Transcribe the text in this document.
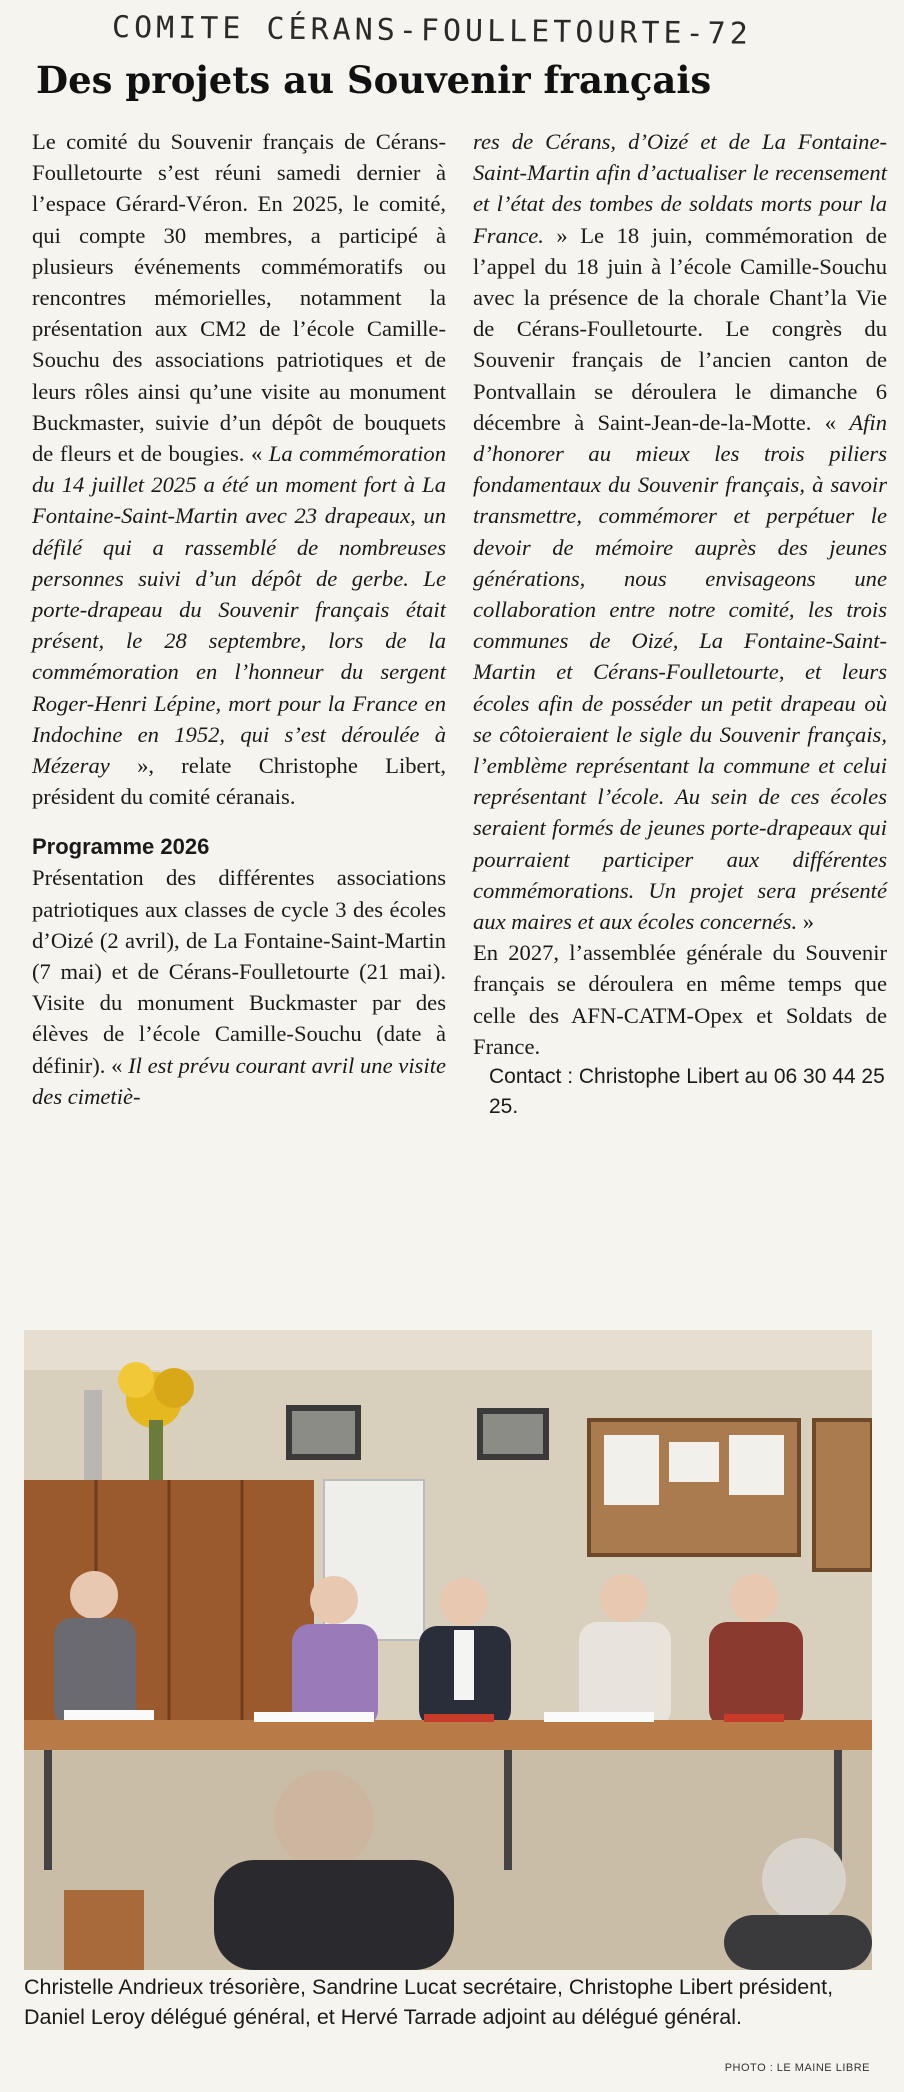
COMITE CÉRANS-FOULLETOURTE-72
Des projets au Souvenir français

Le comité du Souvenir français de Cérans-Foulletourte s’est réuni samedi dernier à l’espace Gérard-Véron. En 2025, le comité, qui compte 30 membres, a participé à plusieurs événements commémoratifs ou rencontres mémorielles, notamment la présentation aux CM2 de l’école Camille-Souchu des associations patriotiques et de leurs rôles ainsi qu’une visite au monument Buckmaster, suivie d’un dépôt de bouquets de fleurs et de bougies. « La commémoration du 14 juillet 2025 a été un moment fort à La Fontaine-Saint-Martin avec 23 drapeaux, un défilé qui a rassemblé de nombreuses personnes suivi d’un dépôt de gerbe. Le porte-drapeau du Souvenir français était présent, le 28 septembre, lors de la commémoration en l’honneur du sergent Roger-Henri Lépine, mort pour la France en Indochine en 1952, qui s’est déroulée à Mézeray », relate Christophe Libert, président du comité céranais.

Programme 2026

Présentation des différentes associations patriotiques aux classes de cycle 3 des écoles d’Oizé (2 avril), de La Fontaine-Saint-Martin (7 mai) et de Cérans-Foulletourte (21 mai). Visite du monument Buckmaster par des élèves de l’école Camille-Souchu (date à définir). « Il est prévu courant avril une visite des cimetiè-

res de Cérans, d’Oizé et de La Fontaine-Saint-Martin afin d’actualiser le recensement et l’état des tombes de soldats morts pour la France. » Le 18 juin, commémoration de l’appel du 18 juin à l’école Camille-Souchu avec la présence de la chorale Chant’la Vie de Cérans-Foulletourte. Le congrès du Souvenir français de l’ancien canton de Pontvallain se déroulera le dimanche 6 décembre à Saint-Jean-de-la-Motte. « Afin d’honorer au mieux les trois piliers fondamentaux du Souvenir français, à savoir transmettre, commémorer et perpétuer le devoir de mémoire auprès des jeunes générations, nous envisageons une collaboration entre notre comité, les trois communes de Oizé, La Fontaine-Saint-Martin et Cérans-Foulletourte, et leurs écoles afin de posséder un petit drapeau où se côtoieraient le sigle du Souvenir français, l’emblème représentant la commune et celui représentant l’école. Au sein de ces écoles seraient formés de jeunes porte-drapeaux qui pourraient participer aux différentes commémorations. Un projet sera présenté aux maires et aux écoles concernés. »

En 2027, l’assemblée générale du Souvenir français se déroulera en même temps que celle des AFN-CATM-Opex et Soldats de France.

Contact : Christophe Libert au 06 30 44 25 25.

Christelle Andrieux trésorière, Sandrine Lucat secrétaire, Christophe Libert président, Daniel Leroy délégué général, et Hervé Tarrade adjoint au délégué général.
PHOTO : LE MAINE LIBRE
